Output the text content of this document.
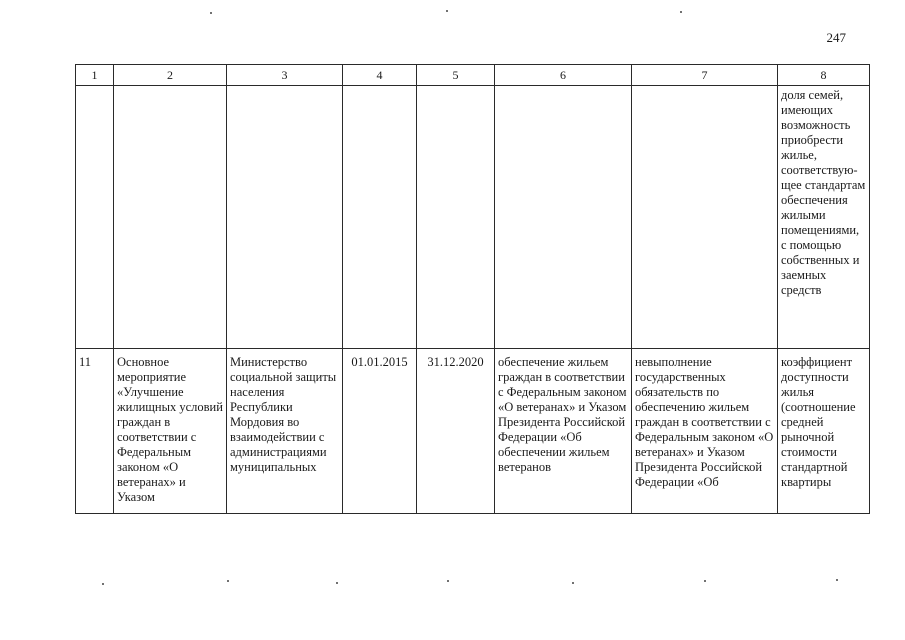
247
1	2	3	4	5	6	7	8
							доля семей, имеющих возможность приобрести жилье, соответствую-щее стандартам обеспечения жилыми помещениями, с помощью собственных и заемных средств
11	Основное мероприятие «Улучшение жилищных условий граждан в соответствии с Федеральным законом «О ветеранах» и Указом	Министерство социальной защиты населения Республики Мордовия во взаимодействии с администрациями муниципальных	01.01.2015	31.12.2020	обеспечение жильем граждан в соответствии с Федеральным законом «О ветеранах» и Указом Президента Российской Федерации «Об обеспечении жильем ветеранов	невыполнение государственных обязательств по обеспечению жильем граждан в соответствии с Федеральным законом «О ветеранах» и Указом Президента Российской Федерации «Об	коэффициент доступности жилья (соотношение средней рыночной стоимости стандартной квартиры
